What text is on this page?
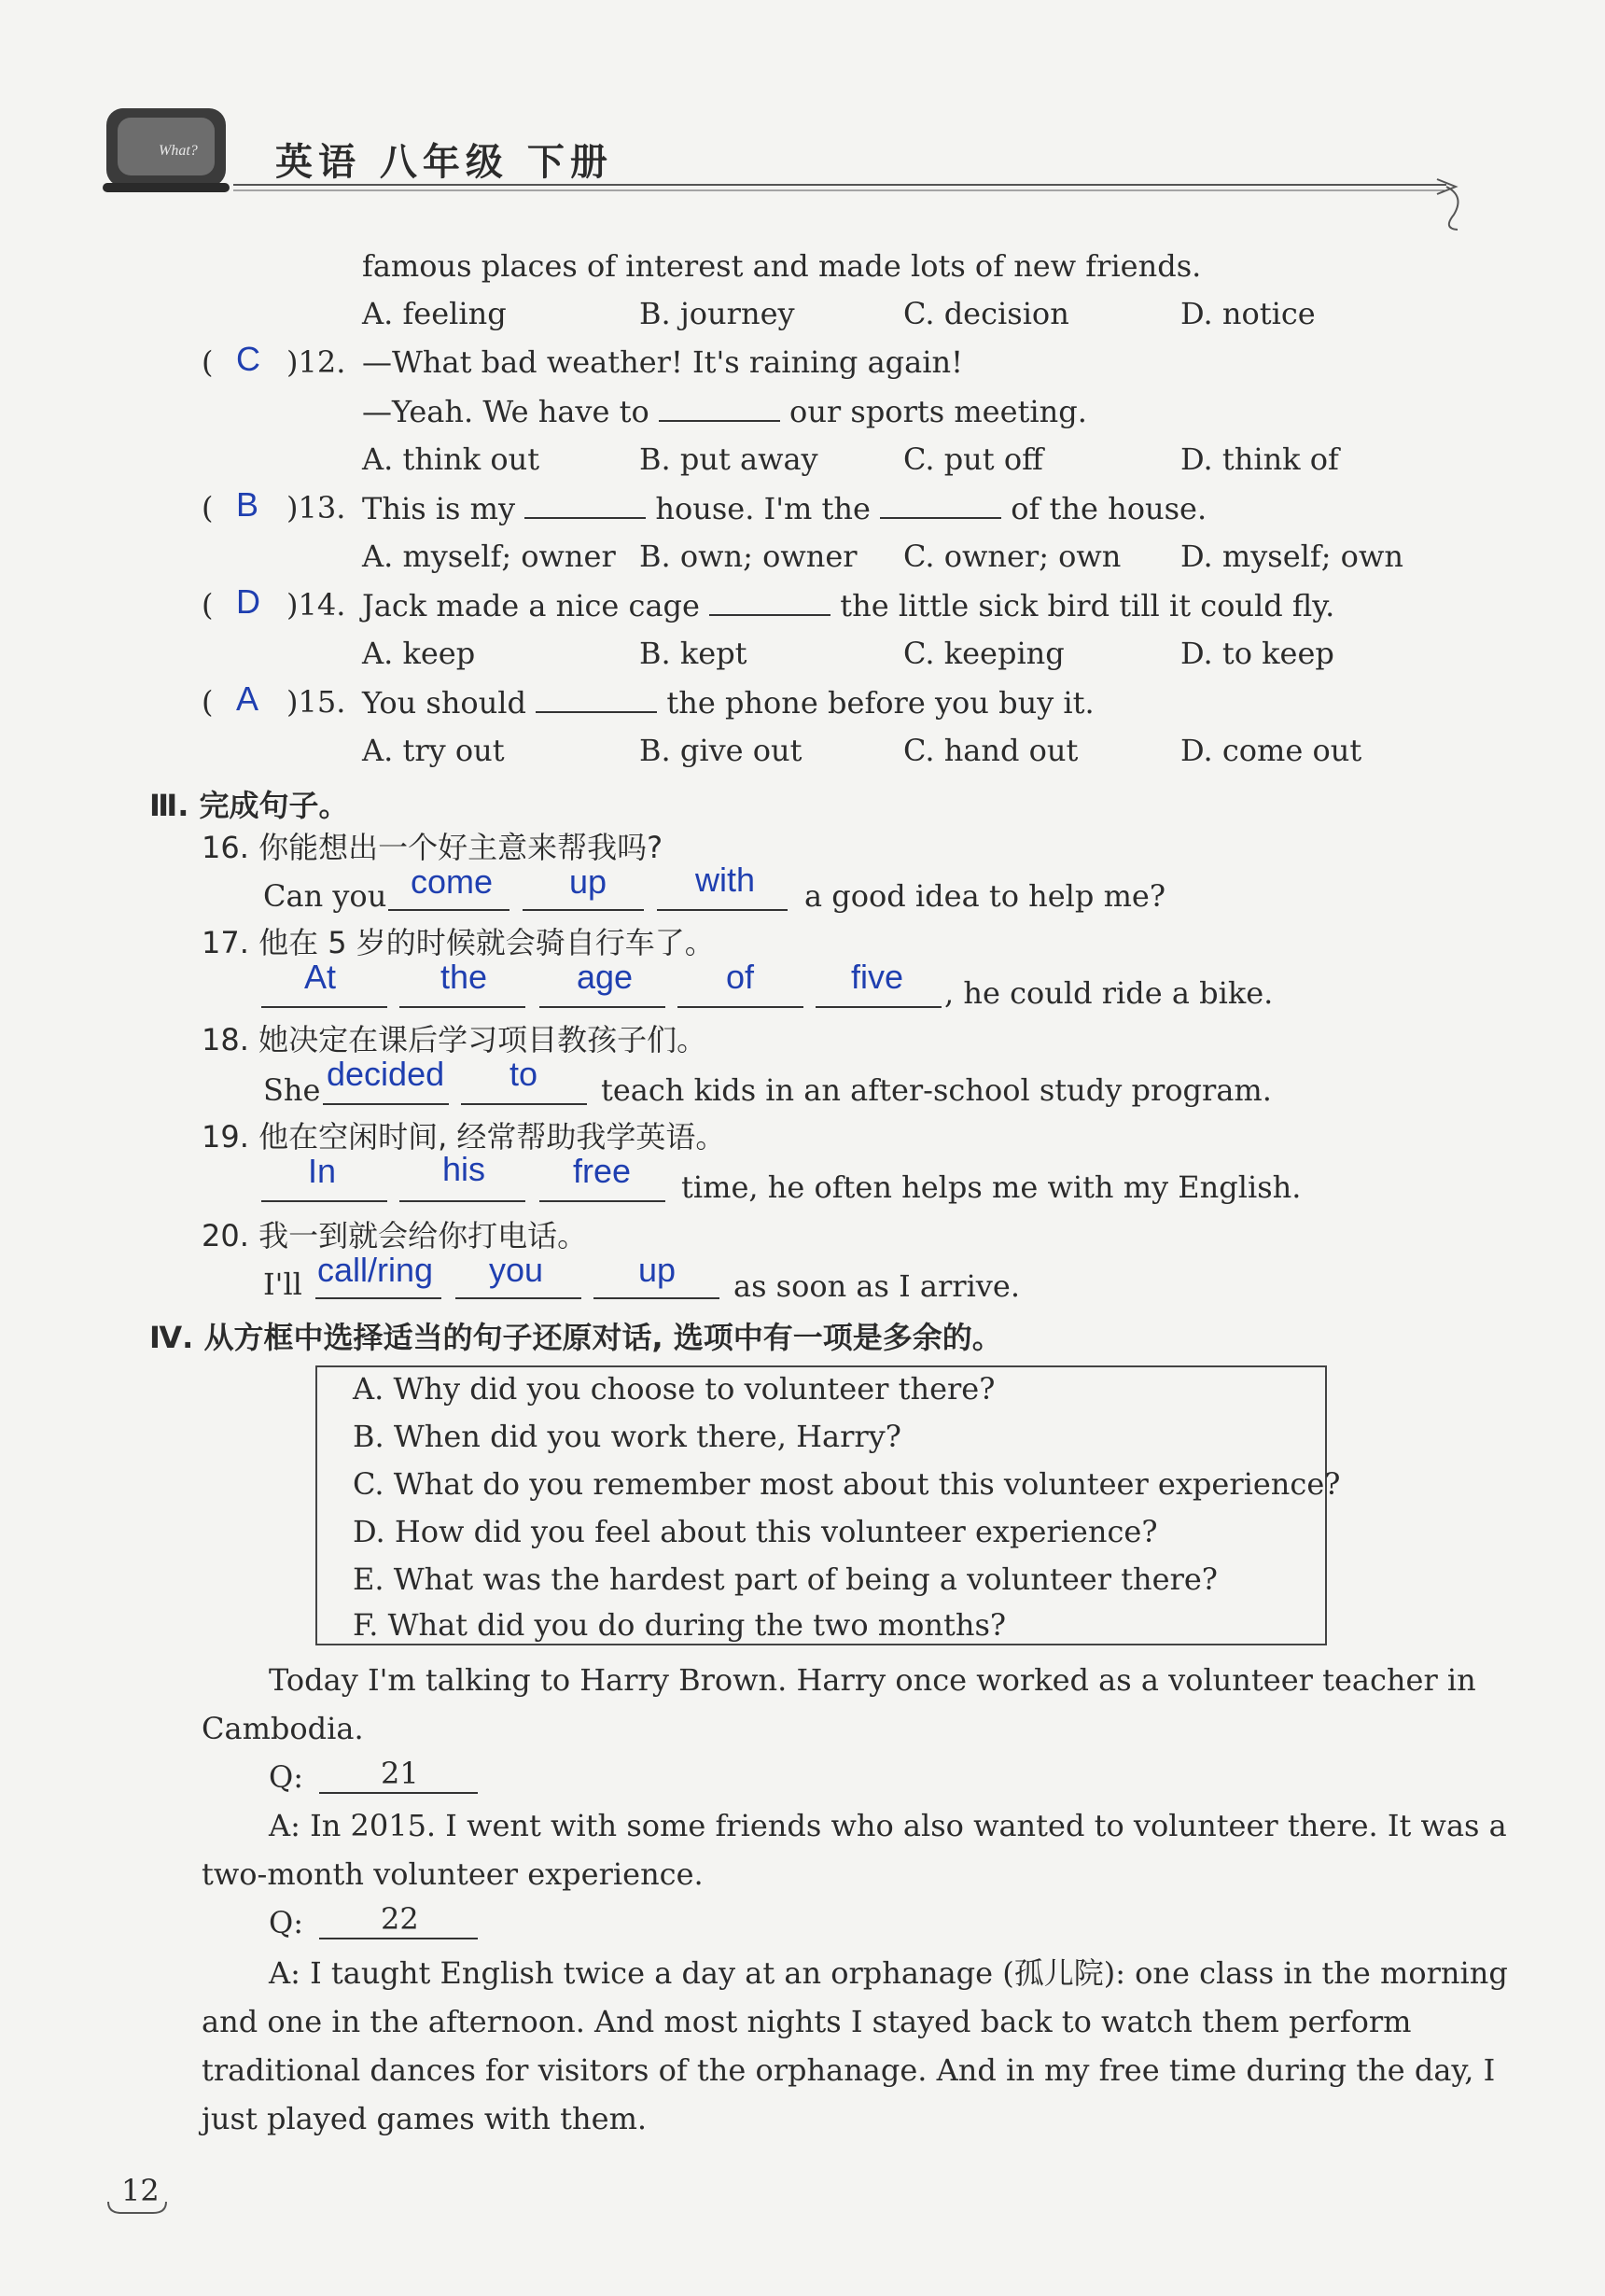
What? 英语 八年级 下册
famous places of interest and made lots of new friends.
A. feeling	B. journey	C. decision	D. notice
( C )12. —What bad weather! It's raining again!
—Yeah. We have to	our sports meeting.
A. think out	B. put away	C. put off	D. think of
( B )13. This is my	house. I'm the	of the house.
A. myself; owner B. own; owner C. owner; own D. myself; own
( D )14. Jack made a nice cage	the little sick bird till it could fly.
A. keep	B. kept	C. keeping	D. to keep
( A )15. You should	the phone before you buy it.
A. try out	B. give out	C. hand out	D. come out
Ⅲ. 完成句子。
16. 你能想出一个好主意来帮我吗?
Can you come up	with a good idea to help me?
17. 他在 5 岁的时候就会骑自行车了。
At	the	age	of	five , he could ride a bike.
18. 她决定在课后学习项目教孩子们。
She decided to teach kids in an after-school study program.
19. 他在空闲时间, 经常帮助我学英语。
In	his	free time, he often helps me with my English.
20. 我一到就会给你打电话。
I'll call/ring you	up as soon as I arrive.
Ⅳ. 从方框中选择适当的句子还原对话, 选项中有一项是多余的。
A. Why did you choose to volunteer there?
B. When did you work there, Harry?
C. What do you remember most about this volunteer experience?
D. How did you feel about this volunteer experience?
E. What was the hardest part of being a volunteer there?
F. What did you do during the two months?
Today I'm talking to Harry Brown. Harry once worked as a volunteer teacher in
Cambodia.
Q:	21
A: In 2015. I went with some friends who also wanted to volunteer there. It was a
two-month volunteer experience.
Q:	22
A: I taught English twice a day at an orphanage (孤儿院): one class in the morning
and one in the afternoon. And most nights I stayed back to watch them perform
traditional dances for visitors of the orphanage. And in my free time during the day, I
just played games with them.
12
